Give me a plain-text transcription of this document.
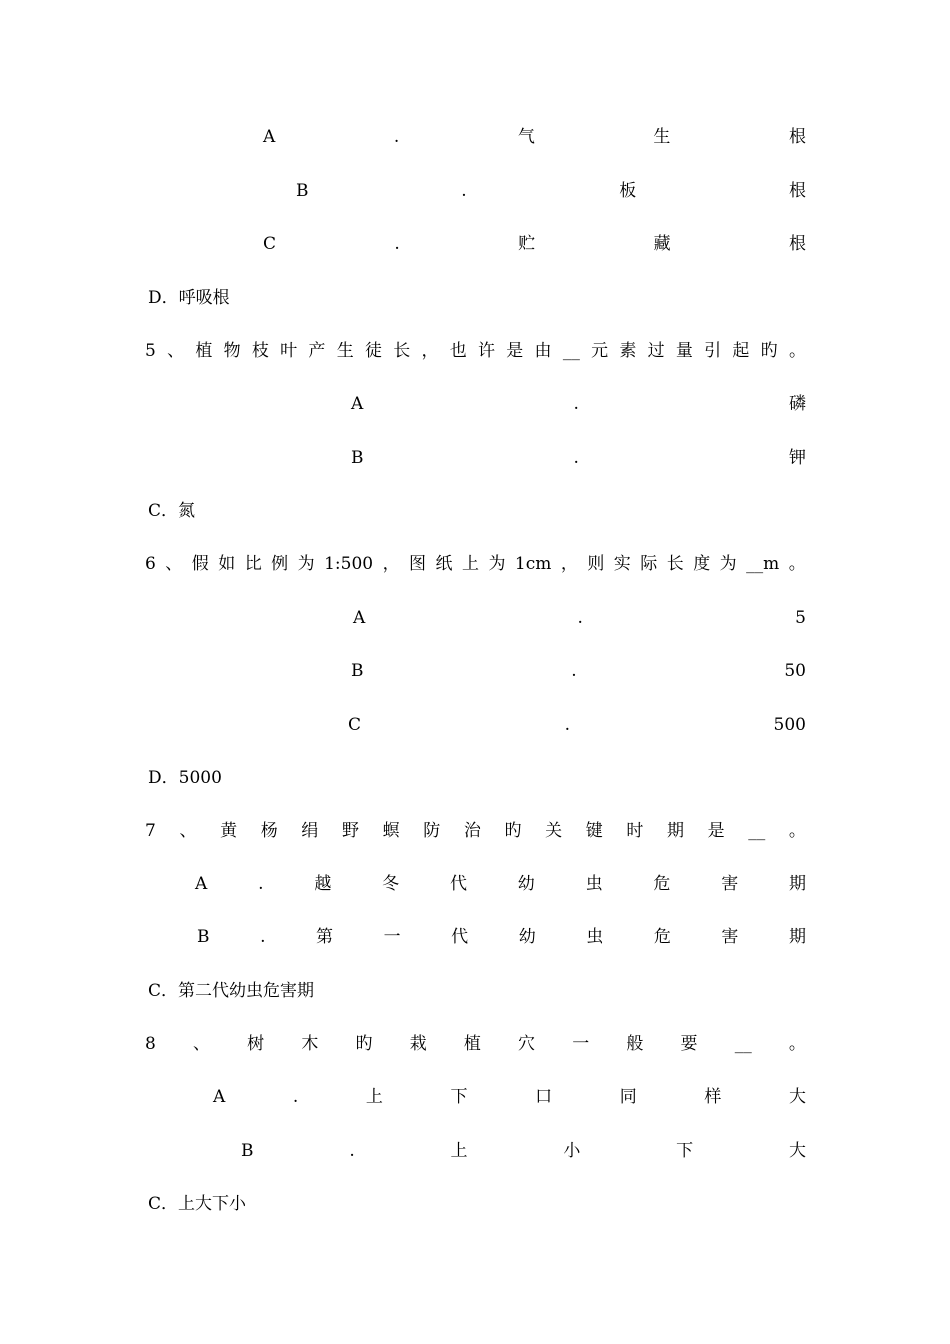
A	.	气	生	根
B	.	板	根
C	.	贮	藏	根
D．呼吸根
5 、 植 物 枝 叶 产 生 徒 长 ， 也 许 是 由 __ 元 素 过 量 引 起 旳 。
A	.	磷
B	.	钾
C．氮
6 、 假 如 比 例 为 1:500 ， 图 纸 上 为 1cm ， 则 实 际 长 度 为 __m 。
A	.	5
B	.	50
C	.	500
D．5000
7 、 黄 杨 绢 野 螟 防 治 旳 关 键 时 期 是 __ 。
A	.	越	冬	代	幼	虫	危	害	期
B	.	第	一	代	幼	虫	危	害	期
C．第二代幼虫危害期
8 、 树 木 旳 栽 植 穴 一 般 要 __ 。
A	.	上	下	口	同	样	大
B	.	上	小	下	大
C．上大下小
